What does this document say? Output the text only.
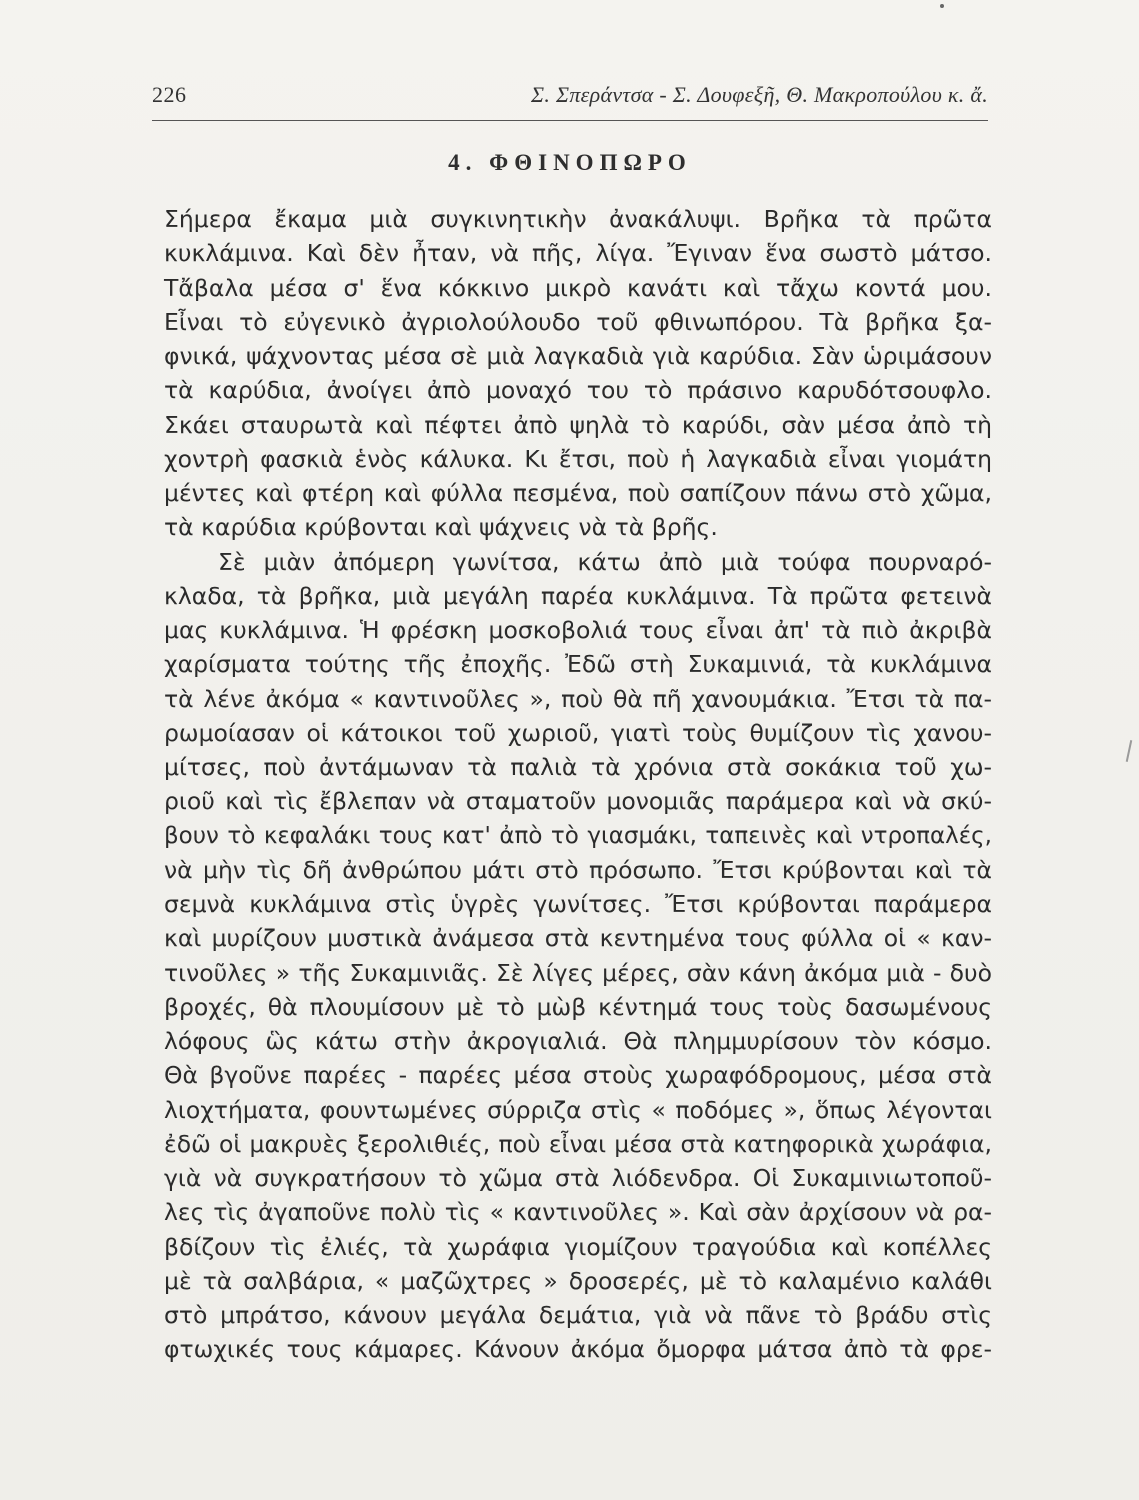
226	Σ. Σπεράντσα - Σ. Δουφεξῆ, Θ. Μακροπούλου κ. ἄ.
4. ΦΘΙΝΟΠΩΡΟ
Σήμερα ἔκαμα μιὰ συγκινητικὴν ἀνακάλυψι. Βρῆκα τὰ πρῶτα
κυκλάμινα. Καὶ δὲν ἦταν, νὰ πῆς, λίγα. Ἔγιναν ἕνα σωστὸ μάτσο.
Τἄβαλα μέσα σ' ἕνα κόκκινο μικρὸ κανάτι καὶ τἄχω κοντά μου.
Εἶναι τὸ εὐγενικὸ ἀγριολούλουδο τοῦ φθινωπόρου. Τὰ βρῆκα ξα-
φνικά, ψάχνοντας μέσα σὲ μιὰ λαγκαδιὰ γιὰ καρύδια. Σὰν ὡριμάσουν
τὰ καρύδια, ἀνοίγει ἀπὸ μοναχό του τὸ πράσινο καρυδότσουφλο.
Σκάει σταυρωτὰ καὶ πέφτει ἀπὸ ψηλὰ τὸ καρύδι, σὰν μέσα ἀπὸ τὴ
χοντρὴ φασκιὰ ἑνὸς κάλυκα. Κι ἔτσι, ποὺ ἡ λαγκαδιὰ εἶναι γιομάτη
μέντες καὶ φτέρη καὶ φύλλα πεσμένα, ποὺ σαπίζουν πάνω στὸ χῶμα,
τὰ καρύδια κρύβονται καὶ ψάχνεις νὰ τὰ βρῆς.
Σὲ μιὰν ἀπόμερη γωνίτσα, κάτω ἀπὸ μιὰ τούφα πουρναρό-
κλαδα, τὰ βρῆκα, μιὰ μεγάλη παρέα κυκλάμινα. Τὰ πρῶτα φετεινὰ
μας κυκλάμινα. Ἡ φρέσκη μοσκοβολιά τους εἶναι ἀπ' τὰ πιὸ ἀκριβὰ
χαρίσματα τούτης τῆς ἐποχῆς. Ἐδῶ στὴ Συκαμινιά, τὰ κυκλάμινα
τὰ λένε ἀκόμα « καντινοῦλες », ποὺ θὰ πῆ χανουμάκια. Ἔτσι τὰ πα-
ρωμοίασαν οἱ κάτοικοι τοῦ χωριοῦ, γιατὶ τοὺς θυμίζουν τὶς χανου-
μίτσες, ποὺ ἀντάμωναν τὰ παλιὰ τὰ χρόνια στὰ σοκάκια τοῦ χω-
ριοῦ καὶ τὶς ἔβλεπαν νὰ σταματοῦν μονομιᾶς παράμερα καὶ νὰ σκύ-
βουν τὸ κεφαλάκι τους κατ' ἀπὸ τὸ γιασμάκι, ταπεινὲς καὶ ντροπαλές,
νὰ μὴν τὶς δῆ ἀνθρώπου μάτι στὸ πρόσωπο. Ἔτσι κρύβονται καὶ τὰ
σεμνὰ κυκλάμινα στὶς ὑγρὲς γωνίτσες. Ἔτσι κρύβονται παράμερα
καὶ μυρίζουν μυστικὰ ἀνάμεσα στὰ κεντημένα τους φύλλα οἱ « καν-
τινοῦλες » τῆς Συκαμινιᾶς. Σὲ λίγες μέρες, σὰν κάνη ἀκόμα μιὰ - δυὸ
βροχές, θὰ πλουμίσουν μὲ τὸ μὼβ κέντημά τους τοὺς δασωμένους
λόφους ὣς κάτω στὴν ἀκρογιαλιά. Θὰ πλημμυρίσουν τὸν κόσμο.
Θὰ βγοῦνε παρέες - παρέες μέσα στοὺς χωραφόδρομους, μέσα στὰ
λιοχτήματα, φουντωμένες σύρριζα στὶς « ποδόμες », ὅπως λέγονται
ἐδῶ οἱ μακρυὲς ξερολιθιές, ποὺ εἶναι μέσα στὰ κατηφορικὰ χωράφια,
γιὰ νὰ συγκρατήσουν τὸ χῶμα στὰ λιόδενδρα. Οἱ Συκαμινιωτοποῦ-
λες τὶς ἀγαποῦνε πολὺ τὶς « καντινοῦλες ». Καὶ σὰν ἀρχίσουν νὰ ρα-
βδίζουν τὶς ἐλιές, τὰ χωράφια γιομίζουν τραγούδια καὶ κοπέλλες
μὲ τὰ σαλβάρια, « μαζῶχτρες » δροσερές, μὲ τὸ καλαμένιο καλάθι
στὸ μπράτσο, κάνουν μεγάλα δεμάτια, γιὰ νὰ πᾶνε τὸ βράδυ στὶς
φτωχικές τους κάμαρες. Κάνουν ἀκόμα ὄμορφα μάτσα ἀπὸ τὰ φρε-
